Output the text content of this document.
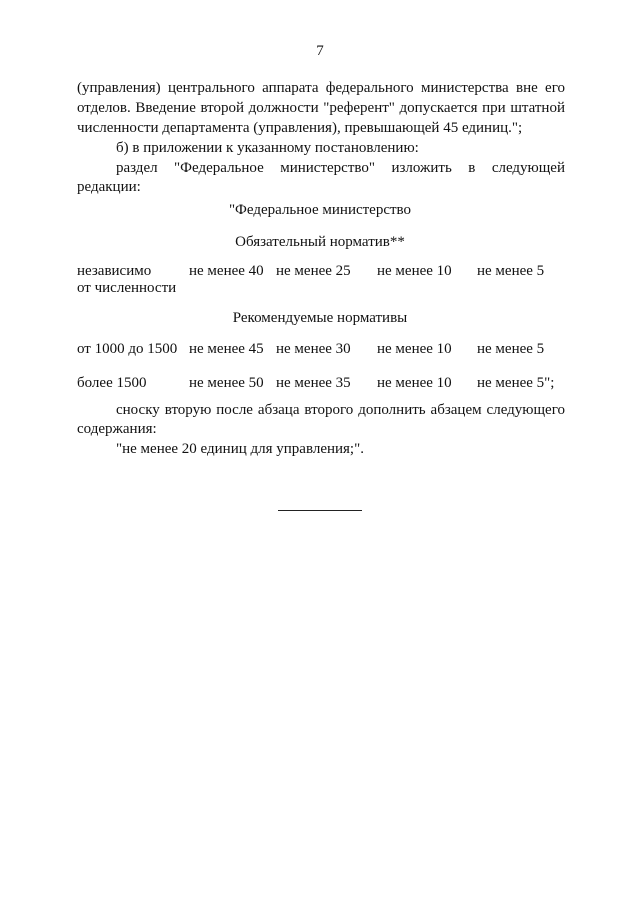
7
(управления) центрального аппарата федерального министерства вне его
отделов. Введение второй должности "референт" допускается при штатной
численности департамента (управления), превышающей 45 единиц.";
б) в приложении к указанному постановлению:
раздел "Федеральное министерство" изложить в следующей
редакции:
"Федеральное министерство
Обязательный норматив**
независимо
от численности
не менее 40 не менее 25 не менее 10 не менее 5
Рекомендуемые нормативы
от 1000 до 1500 не менее 45 не менее 30 не менее 10 не менее 5
более 1500	не менее 50 не менее 35 не менее 10 не менее 5";
сноску вторую после абзаца второго дополнить абзацем следующего
содержания:
"не менее 20 единиц для управления;".
